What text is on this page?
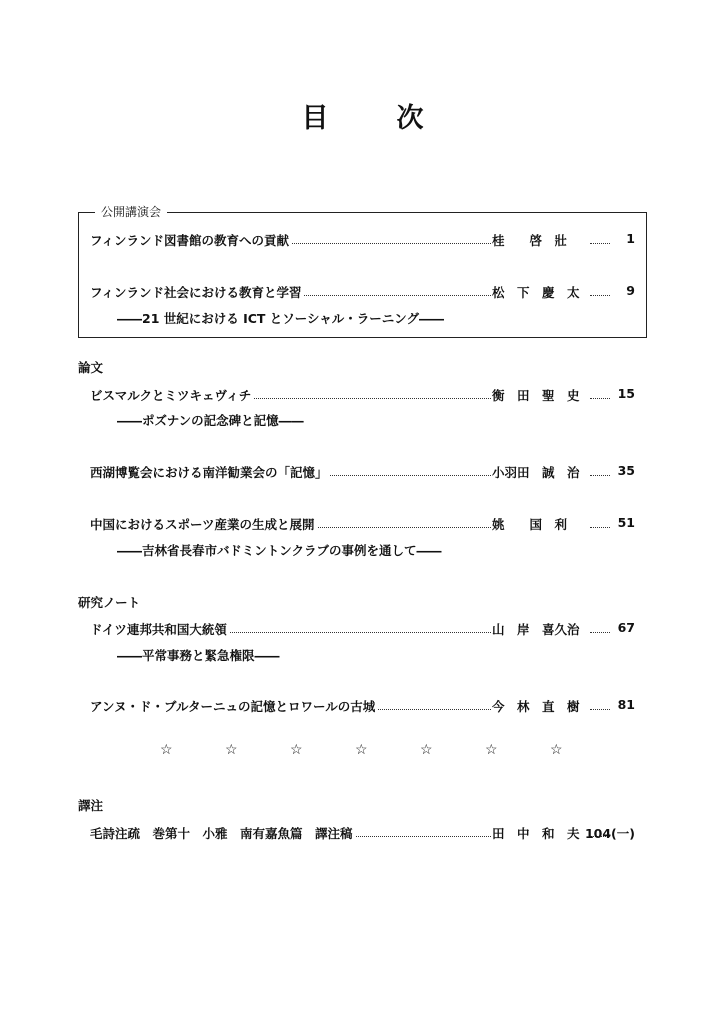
目次
公開講演会
フィンランド図書館の教育への貢献	桂　　啓　壯	1
フィンランド社会における教育と学習	松　下　慶　太	9
――21 世紀における ICT とソーシャル・ラーニング――
論文
ビスマルクとミツキェヴィチ	衡　田　聖　史	15
――ポズナンの記念碑と記憶――
西湖博覧会における南洋勧業会の「記憶」	小羽田　誠　治	35
中国におけるスポーツ産業の生成と展開	姚　　国　利	51
――吉林省長春市バドミントンクラブの事例を通して――
研究ノート
ドイツ連邦共和国大統領	山　岸　喜久治	67
――平常事務と緊急権限――
アンヌ・ド・ブルターニュの記憶とロワールの古城	今　林　直　樹	81
☆	☆	☆	☆	☆	☆	☆
譯注
毛詩注疏　巻第十　小雅　南有嘉魚篇　譯注稿	田　中　和　夫 104(一)
